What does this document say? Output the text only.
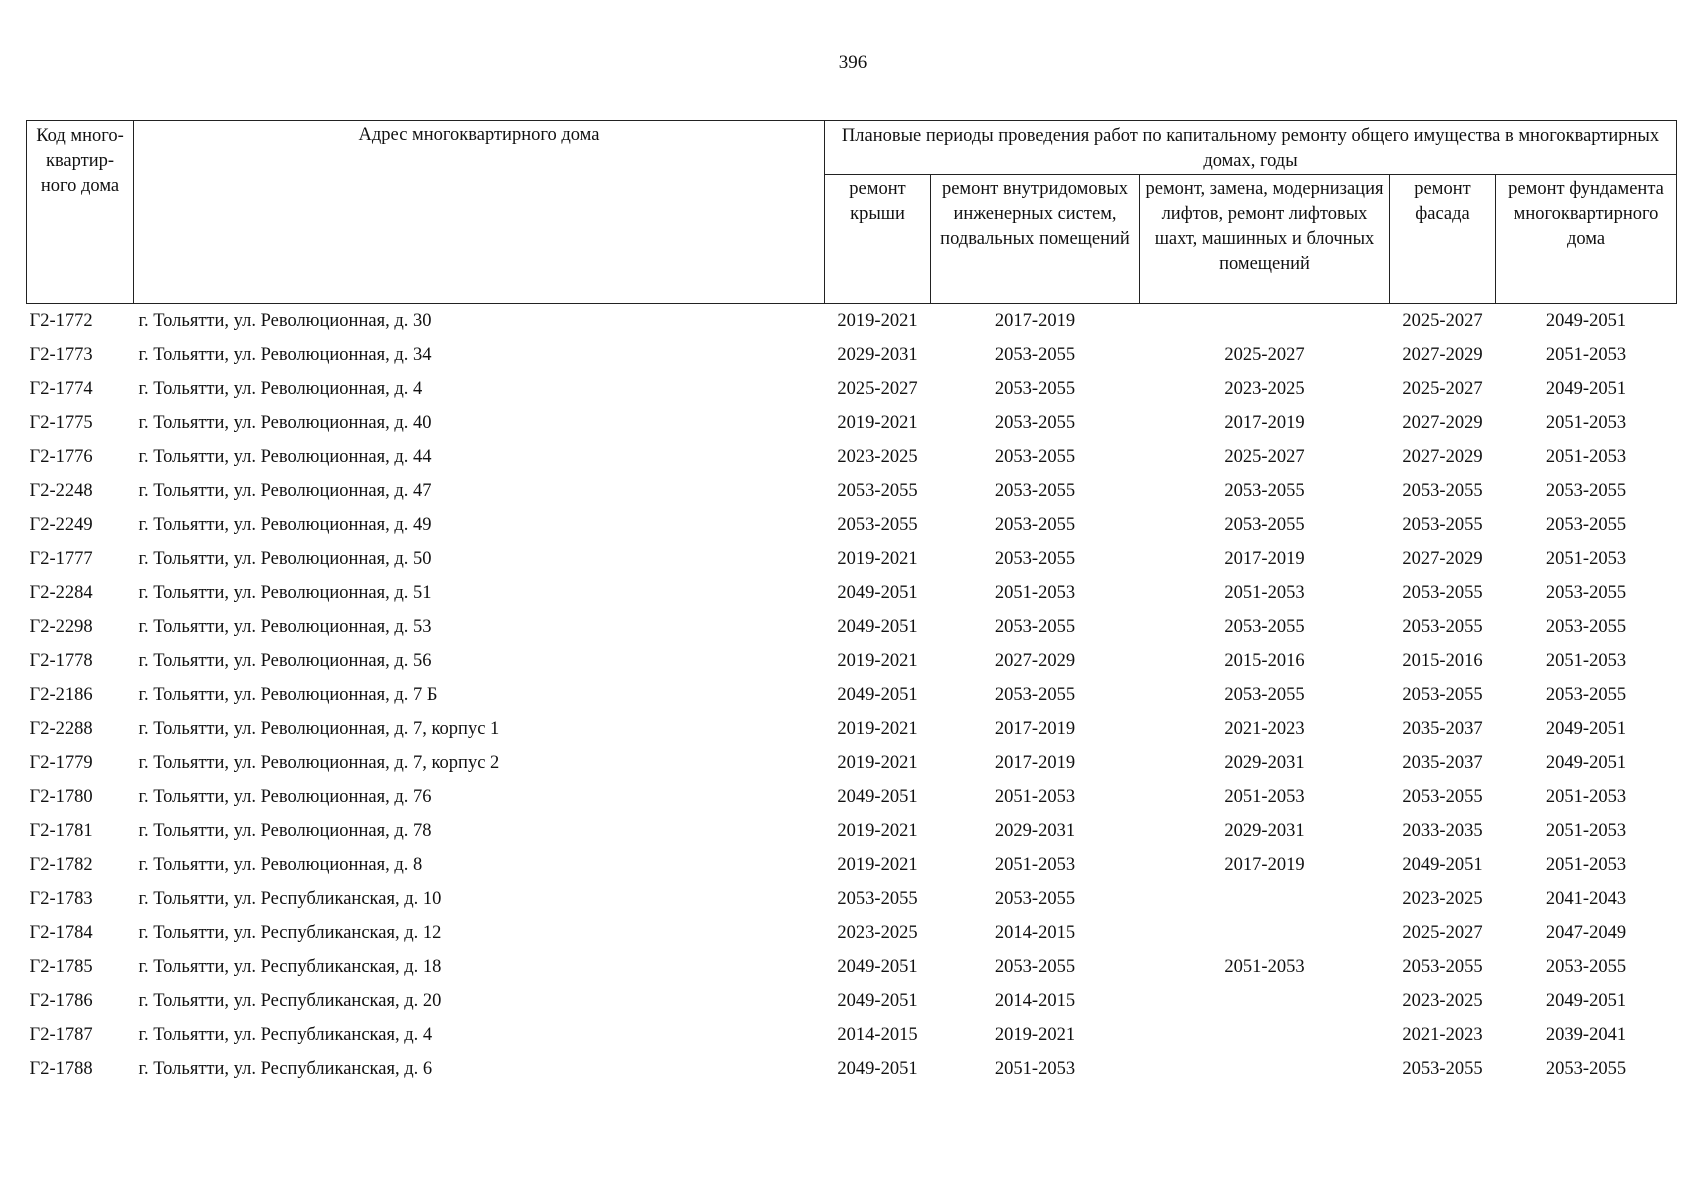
396
Код много-квартир-ного дома	Адрес многоквартирного дома	Плановые периоды проведения работ по капитальному ремонту общего имущества в многоквартирных домах, годы				
		ремонт крыши	ремонт внутридомовых инженерных систем, подвальных помещений	ремонт, замена, модернизация лифтов, ремонт лифтовых шахт, машинных и блочных помещений	ремонт фасада	ремонт фундамента многоквартирного дома
Г2-1772	г. Тольятти, ул. Революционная, д. 30	2019-2021	2017-2019		2025-2027	2049-2051
Г2-1773	г. Тольятти, ул. Революционная, д. 34	2029-2031	2053-2055	2025-2027	2027-2029	2051-2053
Г2-1774	г. Тольятти, ул. Революционная, д. 4	2025-2027	2053-2055	2023-2025	2025-2027	2049-2051
Г2-1775	г. Тольятти, ул. Революционная, д. 40	2019-2021	2053-2055	2017-2019	2027-2029	2051-2053
Г2-1776	г. Тольятти, ул. Революционная, д. 44	2023-2025	2053-2055	2025-2027	2027-2029	2051-2053
Г2-2248	г. Тольятти, ул. Революционная, д. 47	2053-2055	2053-2055	2053-2055	2053-2055	2053-2055
Г2-2249	г. Тольятти, ул. Революционная, д. 49	2053-2055	2053-2055	2053-2055	2053-2055	2053-2055
Г2-1777	г. Тольятти, ул. Революционная, д. 50	2019-2021	2053-2055	2017-2019	2027-2029	2051-2053
Г2-2284	г. Тольятти, ул. Революционная, д. 51	2049-2051	2051-2053	2051-2053	2053-2055	2053-2055
Г2-2298	г. Тольятти, ул. Революционная, д. 53	2049-2051	2053-2055	2053-2055	2053-2055	2053-2055
Г2-1778	г. Тольятти, ул. Революционная, д. 56	2019-2021	2027-2029	2015-2016	2015-2016	2051-2053
Г2-2186	г. Тольятти, ул. Революционная, д. 7 Б	2049-2051	2053-2055	2053-2055	2053-2055	2053-2055
Г2-2288	г. Тольятти, ул. Революционная, д. 7, корпус 1	2019-2021	2017-2019	2021-2023	2035-2037	2049-2051
Г2-1779	г. Тольятти, ул. Революционная, д. 7, корпус 2	2019-2021	2017-2019	2029-2031	2035-2037	2049-2051
Г2-1780	г. Тольятти, ул. Революционная, д. 76	2049-2051	2051-2053	2051-2053	2053-2055	2051-2053
Г2-1781	г. Тольятти, ул. Революционная, д. 78	2019-2021	2029-2031	2029-2031	2033-2035	2051-2053
Г2-1782	г. Тольятти, ул. Революционная, д. 8	2019-2021	2051-2053	2017-2019	2049-2051	2051-2053
Г2-1783	г. Тольятти, ул. Республиканская, д. 10	2053-2055	2053-2055		2023-2025	2041-2043
Г2-1784	г. Тольятти, ул. Республиканская, д. 12	2023-2025	2014-2015		2025-2027	2047-2049
Г2-1785	г. Тольятти, ул. Республиканская, д. 18	2049-2051	2053-2055	2051-2053	2053-2055	2053-2055
Г2-1786	г. Тольятти, ул. Республиканская, д. 20	2049-2051	2014-2015		2023-2025	2049-2051
Г2-1787	г. Тольятти, ул. Республиканская, д. 4	2014-2015	2019-2021		2021-2023	2039-2041
Г2-1788	г. Тольятти, ул. Республиканская, д. 6	2049-2051	2051-2053		2053-2055	2053-2055
